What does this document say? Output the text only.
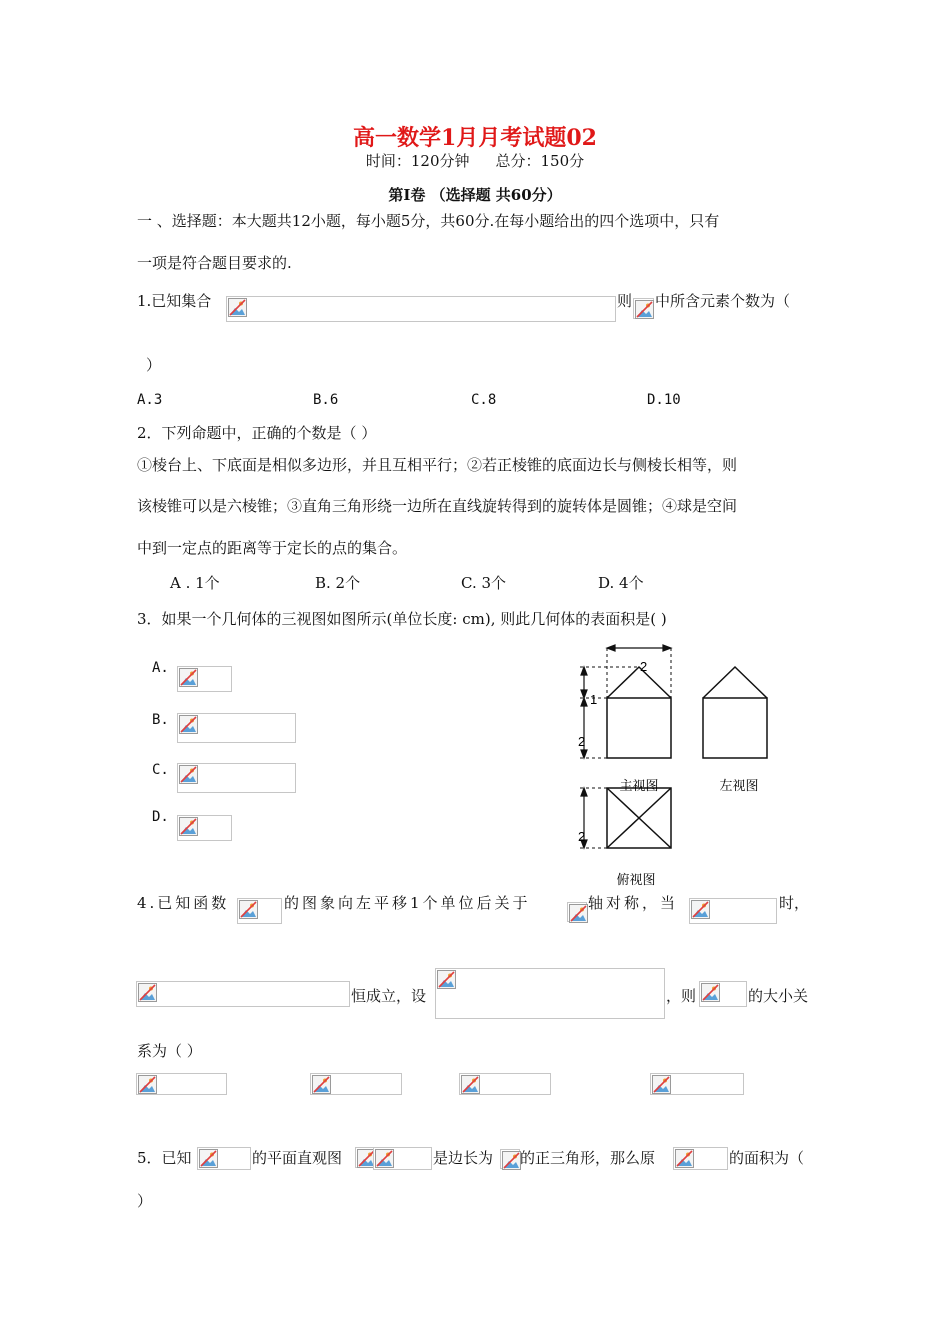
高一数学1月月考试题02
时间：120分钟 总分：150分
第Ⅰ卷 （选择题 共60分）
一 、选择题：本大题共12小题，每小题5分，共60分.在每小题给出的四个选项中，只有
一项是符合题目要求的.
1.已知集合	则 中所含元素个数为（
）
A.3	B.6	C.8	D.10
2．下列命题中，正确的个数是（ ）
①棱台上、下底面是相似多边形，并且互相平行；②若正棱锥的底面边长与侧棱长相等，则
该棱锥可以是六棱锥；③直角三角形绕一边所在直线旋转得到的旋转体是圆锥；④球是空间
中到一定点的距离等于定长的点的集合。
A . 1个	B. 2个	C. 3个	D. 4个
3．如果一个几何体的三视图如图所示(单位长度: cm), 则此几何体的表面积是( )
A.
B.
C.
D.
2
1
2
2
主视图	左视图
俯视图
4.已知函数	的图象向左平移1个单位后关于	轴对称，当	时，
恒成立，设	，则	的大小关
系为（ ）
5．已知	的平面直观图	是边长为 的正三角形，那么原	的面积为（
）
